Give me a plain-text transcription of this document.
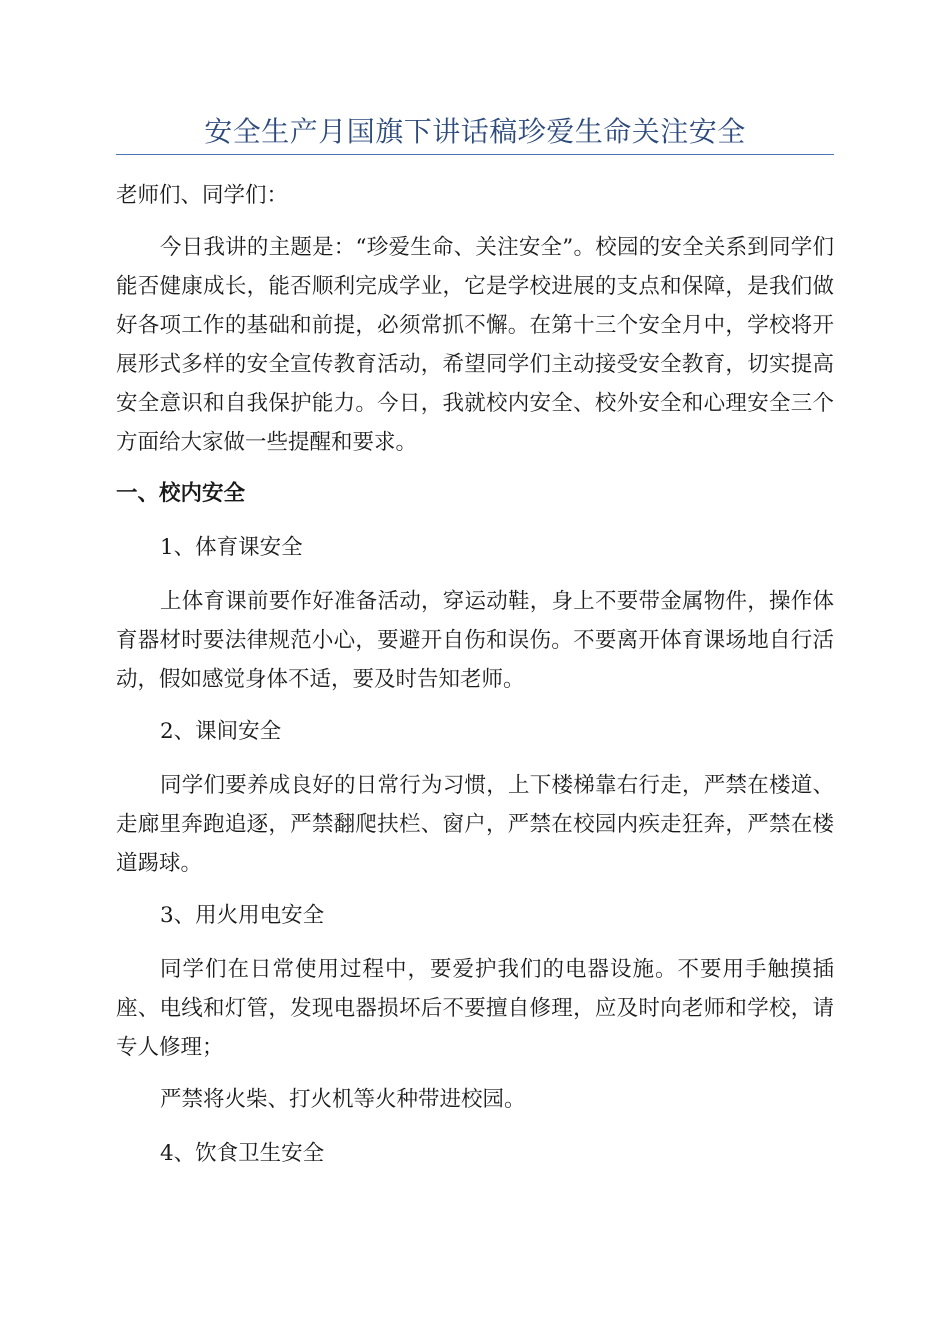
安全生产月国旗下讲话稿珍爱生命关注安全

老师们、同学们：

今日我讲的主题是：“珍爱生命、关注安全”。校园的安全关系到同学们能否健康成长，能否顺利完成学业，它是学校进展的支点和保障，是我们做好各项工作的基础和前提，必须常抓不懈。在第十三个安全月中，学校将开展形式多样的安全宣传教育活动，希望同学们主动接受安全教育，切实提高安全意识和自我保护能力。今日，我就校内安全、校外安全和心理安全三个方面给大家做一些提醒和要求。

一、校内安全

1、体育课安全

上体育课前要作好准备活动，穿运动鞋，身上不要带金属物件，操作体育器材时要法律规范小心，要避开自伤和误伤。不要离开体育课场地自行活动，假如感觉身体不适，要及时告知老师。

2、课间安全

同学们要养成良好的日常行为习惯，上下楼梯靠右行走，严禁在楼道、走廊里奔跑追逐，严禁翻爬扶栏、窗户，严禁在校园内疾走狂奔，严禁在楼道踢球。

3、用火用电安全

同学们在日常使用过程中，要爱护我们的电器设施。不要用手触摸插座、电线和灯管，发现电器损坏后不要擅自修理，应及时向老师和学校，请专人修理；

严禁将火柴、打火机等火种带进校园。

4、饮食卫生安全
